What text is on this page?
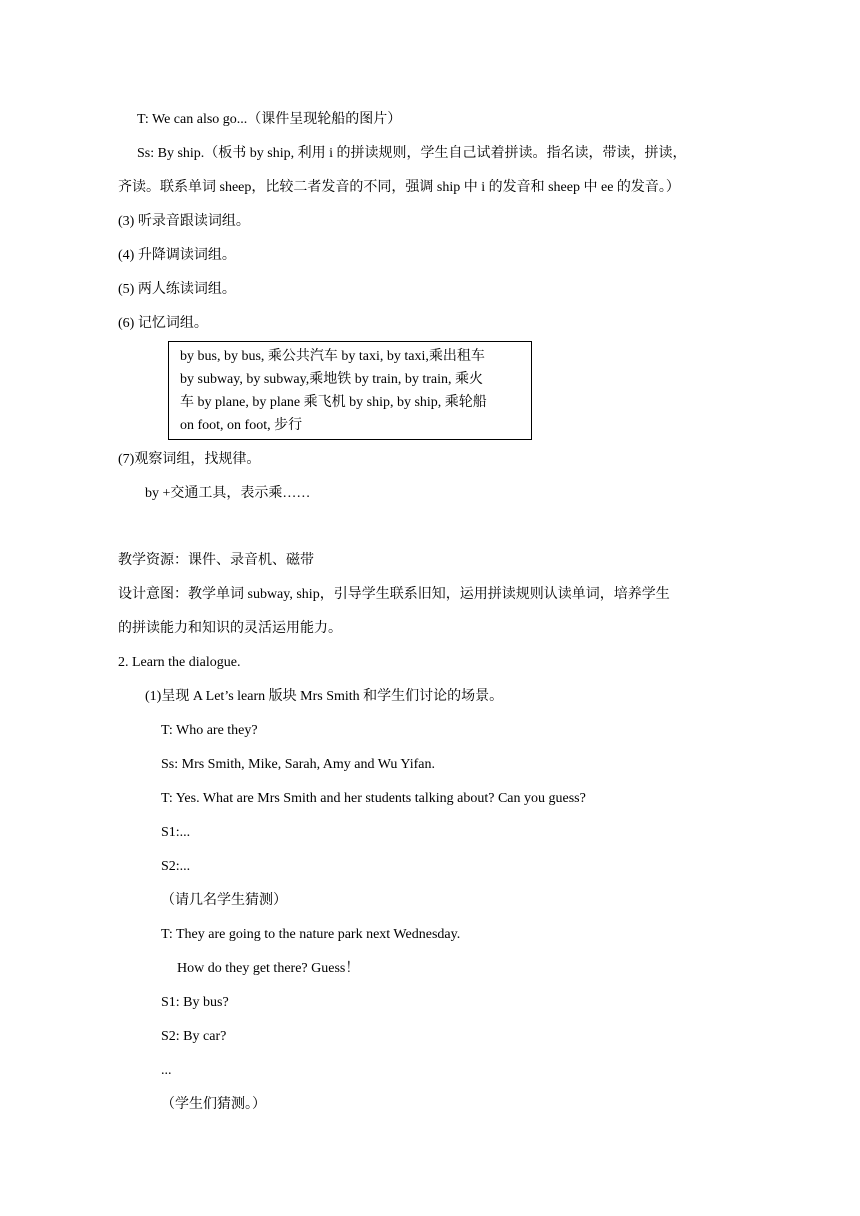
T: We can also go...（课件呈现轮船的图片）
Ss: By ship.（板书 by ship, 利用 i 的拼读规则，学生自己试着拼读。指名读，带读，拼读，
齐读。联系单词 sheep，比较二者发音的不同，强调 ship 中 i 的发音和 sheep 中 ee 的发音。）
(3) 听录音跟读词组。
(4) 升降调读词组。
(5) 两人练读词组。
(6) 记忆词组。
by bus, by bus, 乘公共汽车 by taxi, by taxi,乘出租车
by subway, by subway,乘地铁 by train, by train, 乘火
车 by plane, by plane 乘飞机 by ship, by ship, 乘轮船
on foot, on foot, 步行
(7)观察词组，找规律。
by +交通工具，表示乘……
教学资源：课件、录音机、磁带
设计意图：教学单词 subway, ship，引导学生联系旧知，运用拼读规则认读单词，培养学生
的拼读能力和知识的灵活运用能力。
2. Learn the dialogue.
(1)呈现 A Let’s learn 版块 Mrs Smith 和学生们讨论的场景。
T: Who are they?
Ss: Mrs Smith, Mike, Sarah, Amy and Wu Yifan.
T: Yes. What are Mrs Smith and her students talking about? Can you guess?
S1:...
S2:...
（请几名学生猜测）
T: They are going to the nature park next Wednesday.
How do they get there? Guess！
S1: By bus?
S2: By car?
...
（学生们猜测。）
